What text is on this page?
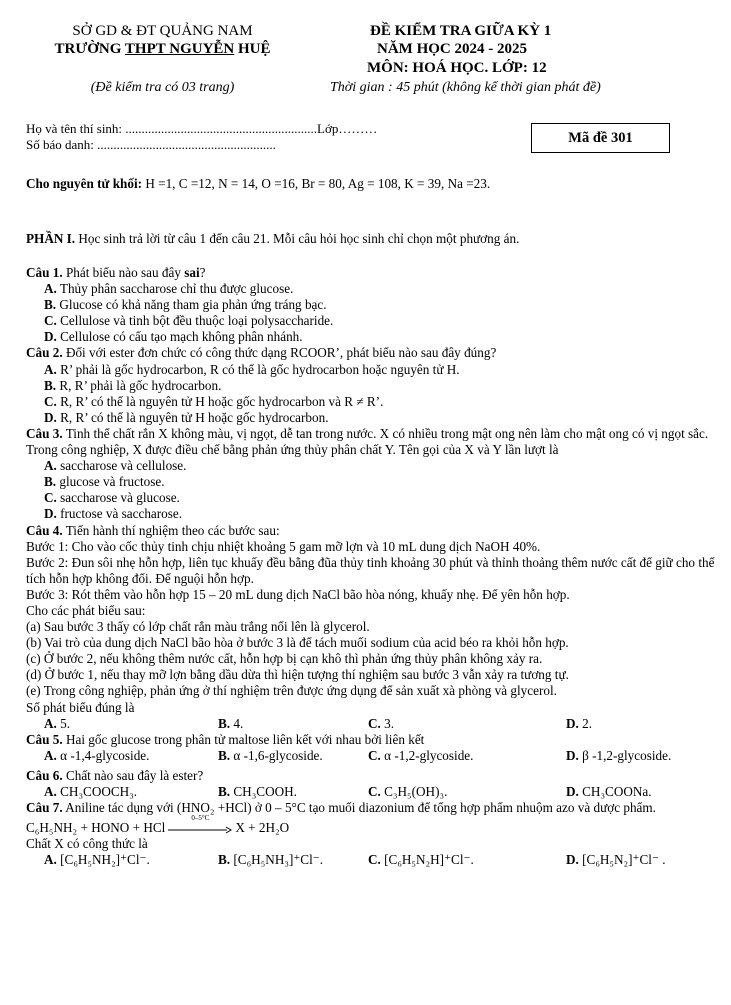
SỞ GD & ĐT QUẢNG NAM
TRƯỜNG THPT NGUYỄN HUỆ
(Đề kiểm tra có 03 trang)
ĐỀ KIỂM TRA GIỮA KỲ 1
NĂM HỌC 2024 - 2025
MÔN: HOÁ HỌC. LỚP: 12
Thời gian : 45 phút (không kể thời gian phát đề)
Họ và tên thí sinh: ...........................................................Lớp………
Số báo danh: .......................................................	Mã đề 301
Cho nguyên tử khối: H =1, C =12, N = 14, O =16, Br = 80, Ag = 108, K = 39, Na =23.
PHẦN I. Học sinh trả lời từ câu 1 đến câu 21. Mỗi câu hỏi học sinh chỉ chọn một phương án.
Câu 1. Phát biểu nào sau đây sai?
A. Thủy phân saccharose chỉ thu được glucose.
B. Glucose có khả năng tham gia phản ứng tráng bạc.
C. Cellulose và tinh bột đều thuộc loại polysaccharide.
D. Cellulose có cấu tạo mạch không phân nhánh.
Câu 2. Đối với ester đơn chức có công thức dạng RCOOR’, phát biểu nào sau đây đúng?
A. R’ phải là gốc hydrocarbon, R có thể là gốc hydrocarbon hoặc nguyên tử H.
B. R, R’ phải là gốc hydrocarbon.
C. R, R’ có thể là nguyên tử H hoặc gốc hydrocarbon và R ≠ R’.
D. R, R’ có thể là nguyên tử H hoặc gốc hydrocarbon.
Câu 3. Tinh thể chất rắn X không màu, vị ngọt, dễ tan trong nước. X có nhiều trong mật ong nên làm cho mật ong có vị ngọt sắc. Trong công nghiệp, X được điều chế bằng phản ứng thủy phân chất Y. Tên gọi của X và Y lần lượt là
A. saccharose và cellulose.
B. glucose và fructose.
C. saccharose và glucose.
D. fructose và saccharose.
Câu 4. Tiến hành thí nghiệm theo các bước sau:
Bước 1: Cho vào cốc thủy tinh chịu nhiệt khoảng 5 gam mỡ lợn và 10 mL dung dịch NaOH 40%.
Bước 2: Đun sôi nhẹ hỗn hợp, liên tục khuấy đều bằng đũa thủy tinh khoảng 30 phút và thỉnh thoảng thêm nước cất để giữ cho thể tích hỗn hợp không đổi. Để nguội hỗn hợp.
Bước 3: Rót thêm vào hỗn hợp 15 – 20 mL dung dịch NaCl bão hòa nóng, khuấy nhẹ. Để yên hỗn hợp.
Cho các phát biểu sau:
(a) Sau bước 3 thấy có lớp chất rắn màu trắng nổi lên là glycerol.
(b) Vai trò của dung dịch NaCl bão hòa ở bước 3 là để tách muối sodium của acid béo ra khỏi hỗn hợp.
(c) Ở bước 2, nếu không thêm nước cất, hỗn hợp bị cạn khô thì phản ứng thủy phân không xảy ra.
(d) Ở bước 1, nếu thay mỡ lợn bằng dầu dừa thì hiện tượng thí nghiệm sau bước 3 vẫn xảy ra tương tự.
(e) Trong công nghiệp, phản ứng ở thí nghiệm trên được ứng dụng để sản xuất xà phòng và glycerol.
Số phát biểu đúng là
A. 5.	B. 4.	C. 3.	D. 2.
Câu 5. Hai gốc glucose trong phân tử maltose liên kết với nhau bởi liên kết
A. α -1,4-glycoside.	B. α -1,6-glycoside.	C. α -1,2-glycoside.	D. β -1,2-glycoside.
Câu 6. Chất nào sau đây là ester?
A. CH₃COOCH₃.	B. CH₃COOH.	C. C₃H₅(OH)₃.	D. CH₃COONa.
Câu 7. Aniline tác dụng với (HNO₂ +HCl) ở 0 – 5°C tạo muối diazonium để tổng hợp phẩm nhuộm azo và dược phẩm.
C₆H₅NH₂ + HONO + HCl
0–5°C
X + 2H₂O
Chất X có công thức là
A. [C₆H₅NH₂]⁺Cl⁻.	B. [C₆H₅NH₃]⁺Cl⁻.	C. [C₆H₅N₂H]⁺Cl⁻.	D. [C₆H₅N₂]⁺Cl⁻ .
